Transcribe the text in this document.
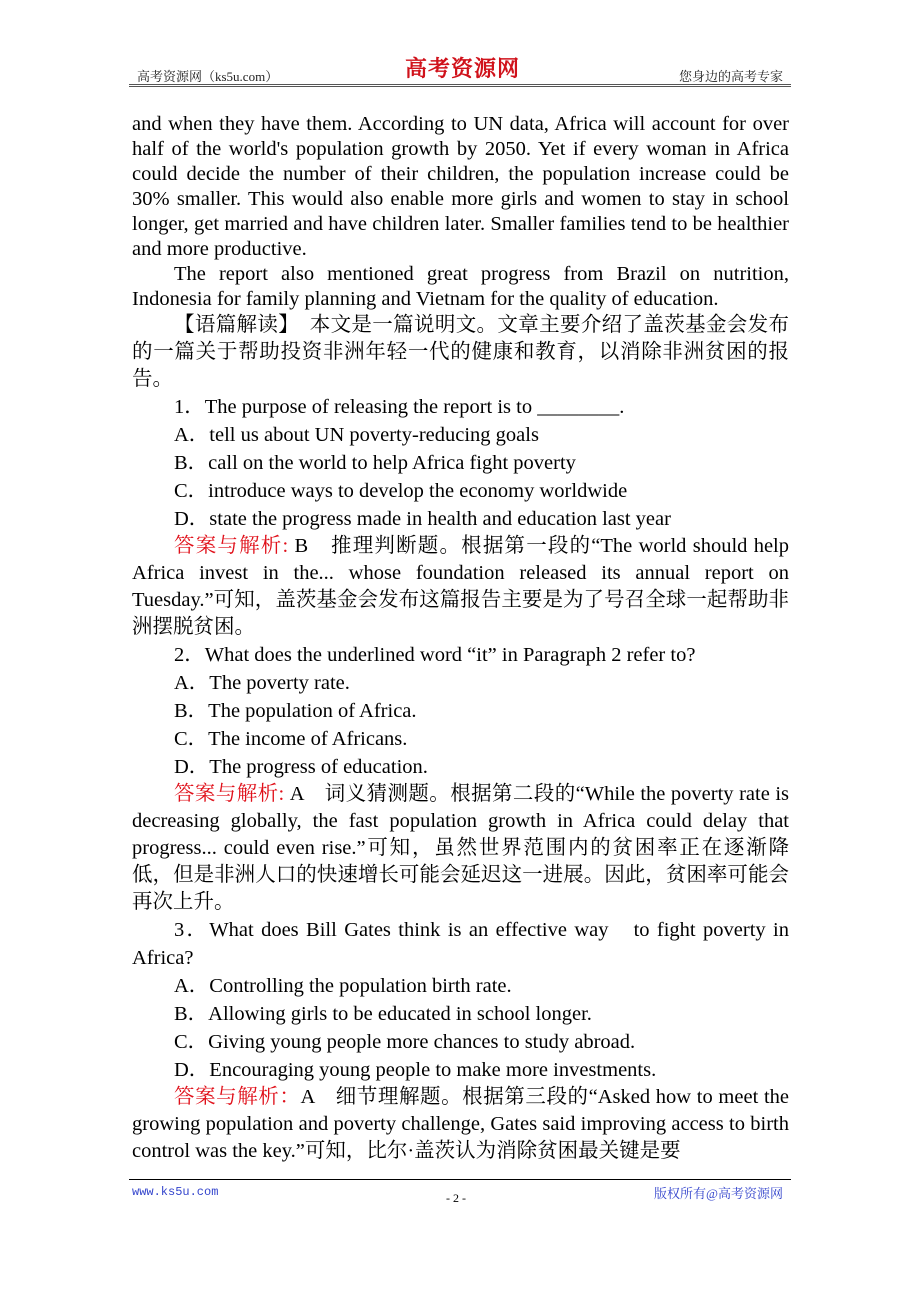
高考资源网（ks5u.com）	高考资源网	您身边的高考专家

and when they have them. According to UN data, Africa will account for over half of the world's population growth by 2050. Yet if every woman in Africa could decide the number of their children, the population increase could be 30% smaller. This would also enable more girls and women to stay in school longer, get married and have children later. Smaller families tend to be healthier and more productive.

The report also mentioned great progress from Brazil on nutrition, Indonesia for family planning and Vietnam for the quality of education.

【语篇解读】　本文是一篇说明文。文章主要介绍了盖茨基金会发布的一篇关于帮助投资非洲年轻一代的健康和教育，以消除非洲贫困的报告。

1．The purpose of releasing the report is to ________.

A．tell us about UN poverty-reducing goals

B．call on the world to help Africa fight poverty

C．introduce ways to develop the economy worldwide

D．state the progress made in health and education last year

答案与解析: B　推理判断题。根据第一段的“The world should help Africa invest in the... whose foundation released its annual report on Tuesday.”可知，盖茨基金会发布这篇报告主要是为了号召全球一起帮助非洲摆脱贫困。

2．What does the underlined word “it” in Paragraph 2 refer to?

A．The poverty rate.

B．The population of Africa.

C．The income of Africans.

D．The progress of education.

答案与解析: A　词义猜测题。根据第二段的“While the poverty rate is decreasing globally, the fast population growth in Africa could delay that progress... could even rise.”可知，虽然世界范围内的贫困率正在逐渐降低，但是非洲人口的快速增长可能会延迟这一进展。因此，贫困率可能会再次上升。

3．What does Bill Gates think is an effective way　to fight poverty in Africa?

A．Controlling the population birth rate.

B．Allowing girls to be educated in school longer.

C．Giving young people more chances to study abroad.

D．Encouraging young people to make more investments.

答案与解析：A　细节理解题。根据第三段的“Asked how to meet the growing population and poverty challenge, Gates said improving access to birth control was the key.”可知，比尔·盖茨认为消除贫困最关键是要

www.ks5u.com	- 2 -	版权所有@高考资源网
